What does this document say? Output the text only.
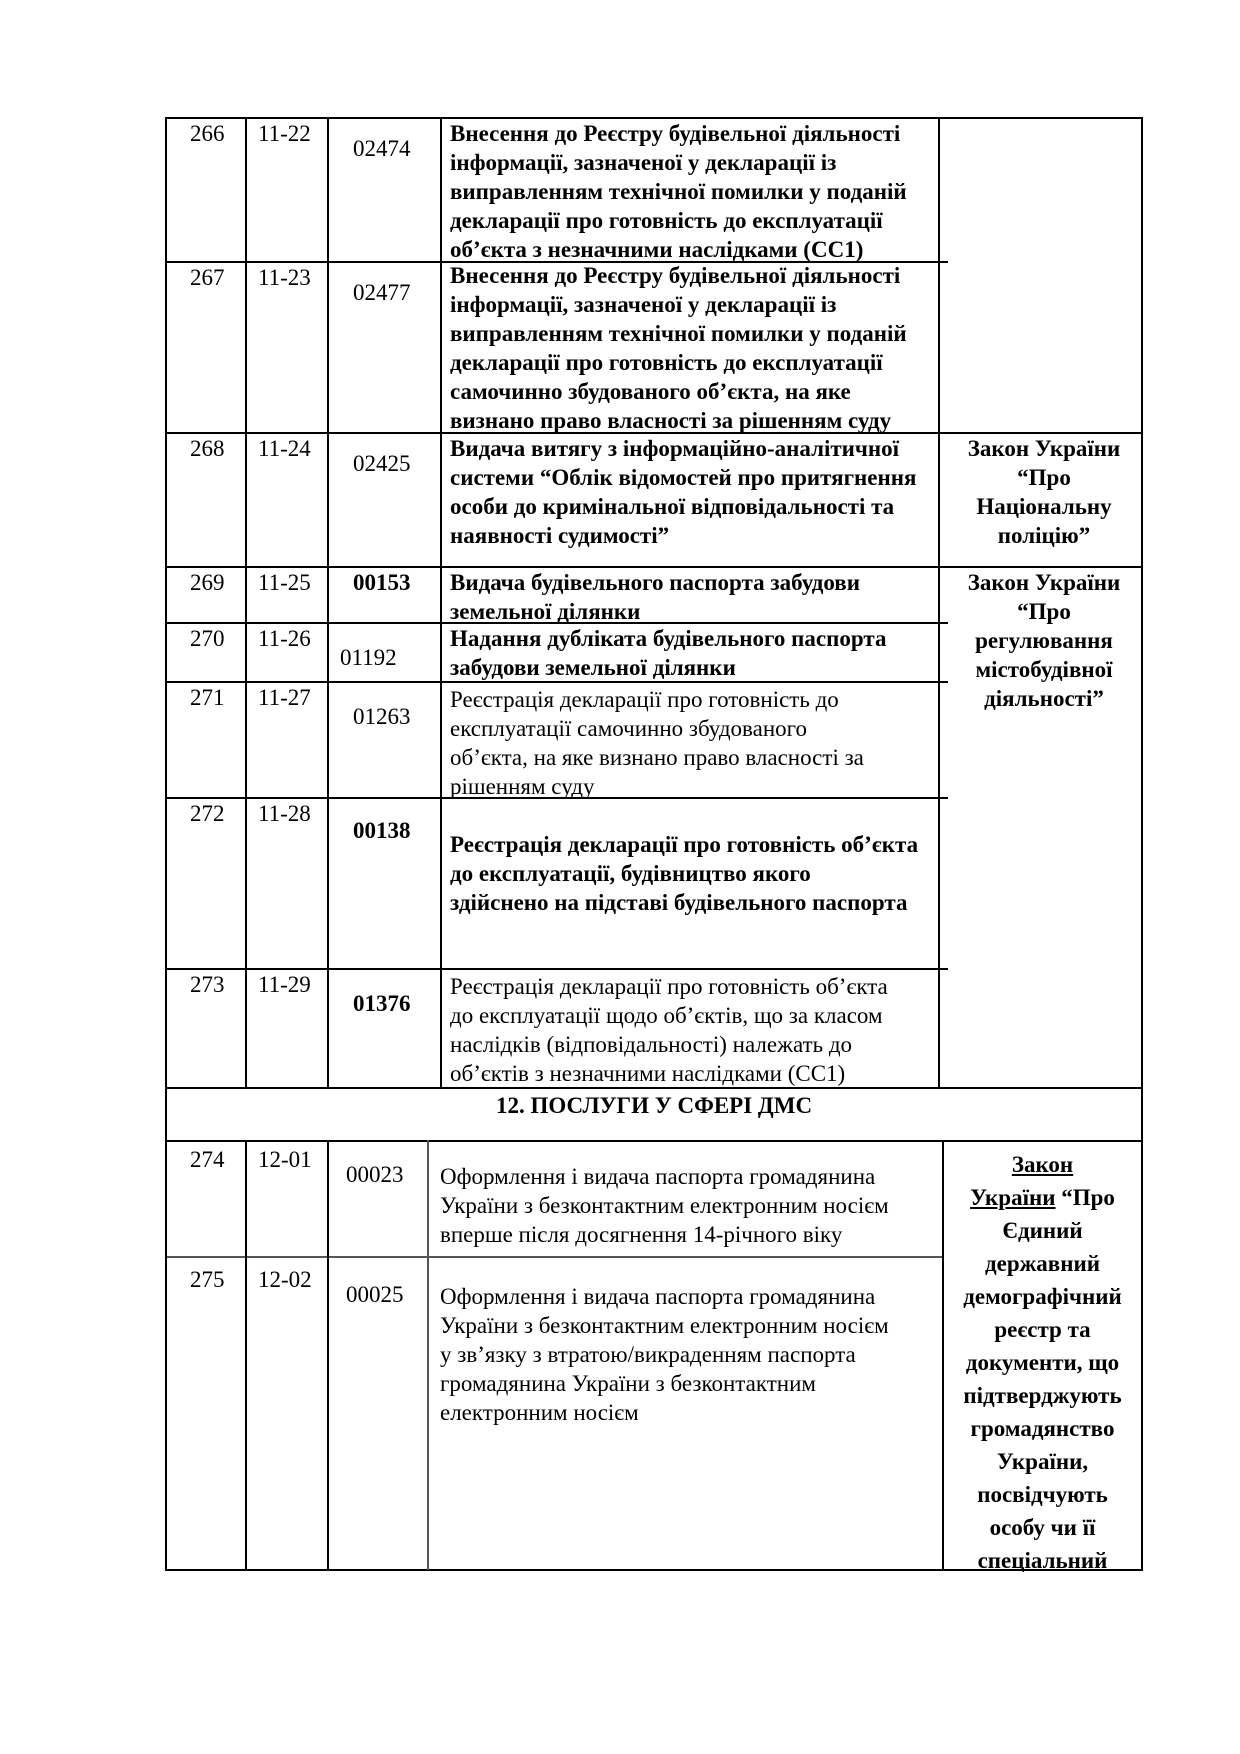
266 11-22
02474
Внесення до Реєстру будівельної діяльності
інформації, зазначеної у декларації із
виправленням технічної помилки у поданій
декларації про готовність до експлуатації
об’єкта з незначними наслідками (СС1)
267 11-23
02477
Внесення до Реєстру будівельної діяльності
інформації, зазначеної у декларації із
виправленням технічної помилки у поданій
декларації про готовність до експлуатації
самочинно збудованого об’єкта, на яке
визнано право власності за рішенням суду
268 11-24
02425
Видача витягу з інформаційно-аналітичної
системи “Облік відомостей про притягнення
особи до кримінальної відповідальності та
наявності судимості”
Закон України
“Про
Національну
поліцію”
269 11-25 00153 Видача будівельного паспорта забудови
земельної ділянки
Закон України
“Про
регулювання
містобудівної
діяльності”
270 11-26
01192
Надання дубліката будівельного паспорта
забудови земельної ділянки
271 11-27
01263
Реєстрація декларації про готовність до
експлуатації самочинно збудованого
об’єкта, на яке визнано право власності за
рішенням суду
272 11-28
00138
Реєстрація декларації про готовність об’єкта
до експлуатації, будівництво якого
здійснено на підставі будівельного паспорта
273 11-29
01376
Реєстрація декларації про готовність об’єкта
до експлуатації щодо об’єктів, що за класом
наслідків (відповідальності) належать до
об’єктів з незначними наслідками (СС1)
12. ПОСЛУГИ У СФЕРІ ДМС
274 12-01
00023 Оформлення і видача паспорта громадянина
України з безконтактним електронним носієм
вперше після досягнення 14-річного віку
275 12-02
00025 Оформлення і видача паспорта громадянина
України з безконтактним електронним носієм
у зв’язку з втратою/викраденням паспорта
громадянина України з безконтактним
електронним носієм
Закон
України “Про
Єдиний
державний
демографічний
реєстр та
документи, що
підтверджують
громадянство
України,
посвідчують
особу чи її
спеціальний
